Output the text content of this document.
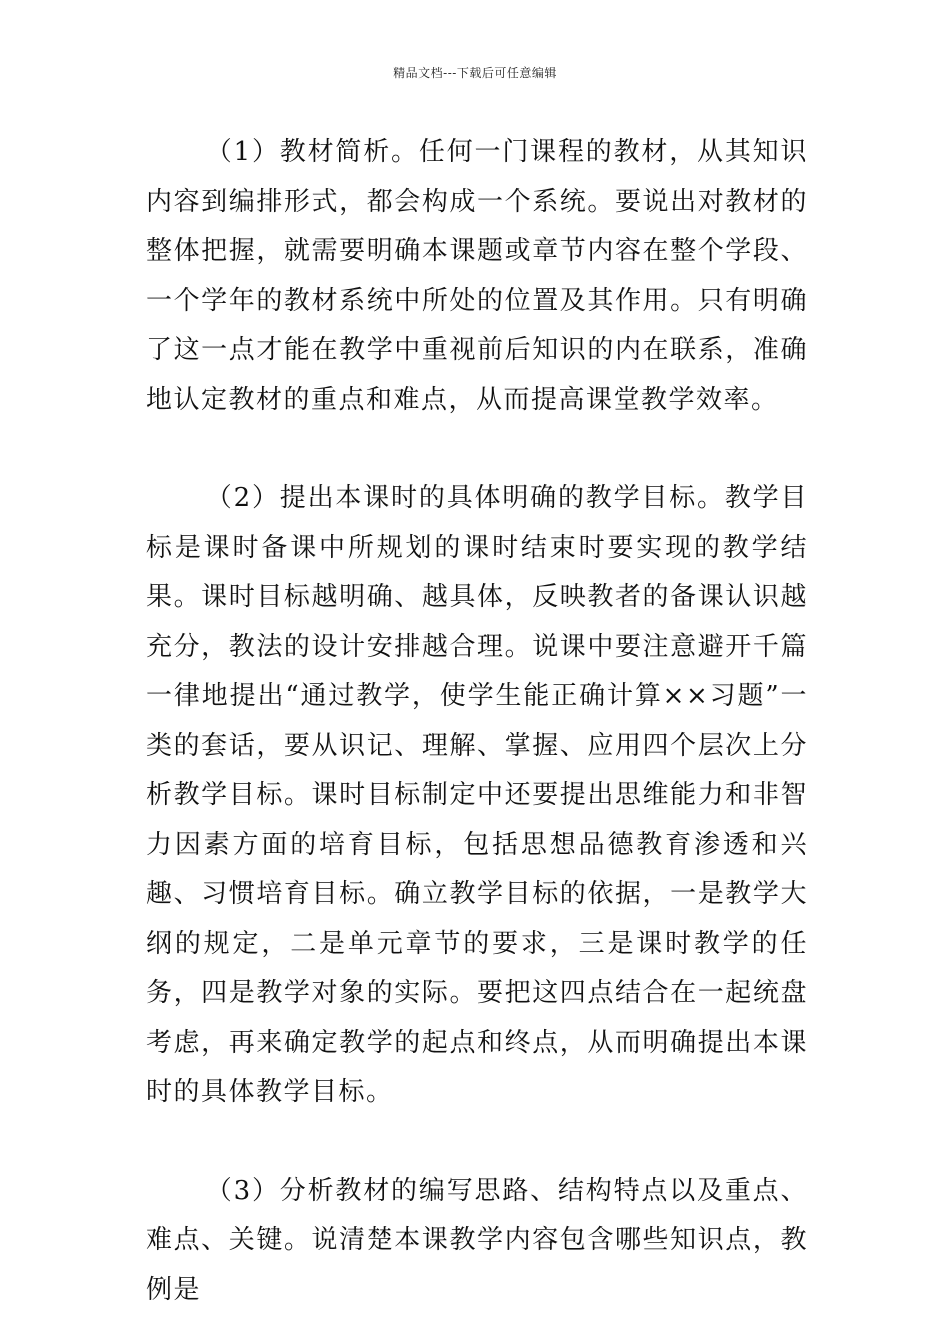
精品文档---下载后可任意编辑

（1）教材简析。任何一门课程的教材，从其知识内容到编排形式，都会构成一个系统。要说出对教材的整体把握，就需要明确本课题或章节内容在整个学段、一个学年的教材系统中所处的位置及其作用。只有明确了这一点才能在教学中重视前后知识的内在联系，准确地认定教材的重点和难点，从而提高课堂教学效率。

（2）提出本课时的具体明确的教学目标。教学目标是课时备课中所规划的课时结束时要实现的教学结果。课时目标越明确、越具体，反映教者的备课认识越充分，教法的设计安排越合理。说课中要注意避开千篇一律地提出“通过教学，使学生能正确计算××习题”一类的套话，要从识记、理解、掌握、应用四个层次上分析教学目标。课时目标制定中还要提出思维能力和非智力因素方面的培育目标，包括思想品德教育渗透和兴趣、习惯培育目标。确立教学目标的依据，一是教学大纲的规定，二是单元章节的要求，三是课时教学的任务，四是教学对象的实际。要把这四点结合在一起统盘考虑，再来确定教学的起点和终点，从而明确提出本课时的具体教学目标。

（3）分析教材的编写思路、结构特点以及重点、难点、关键。说清楚本课教学内容包含哪些知识点，教例是
